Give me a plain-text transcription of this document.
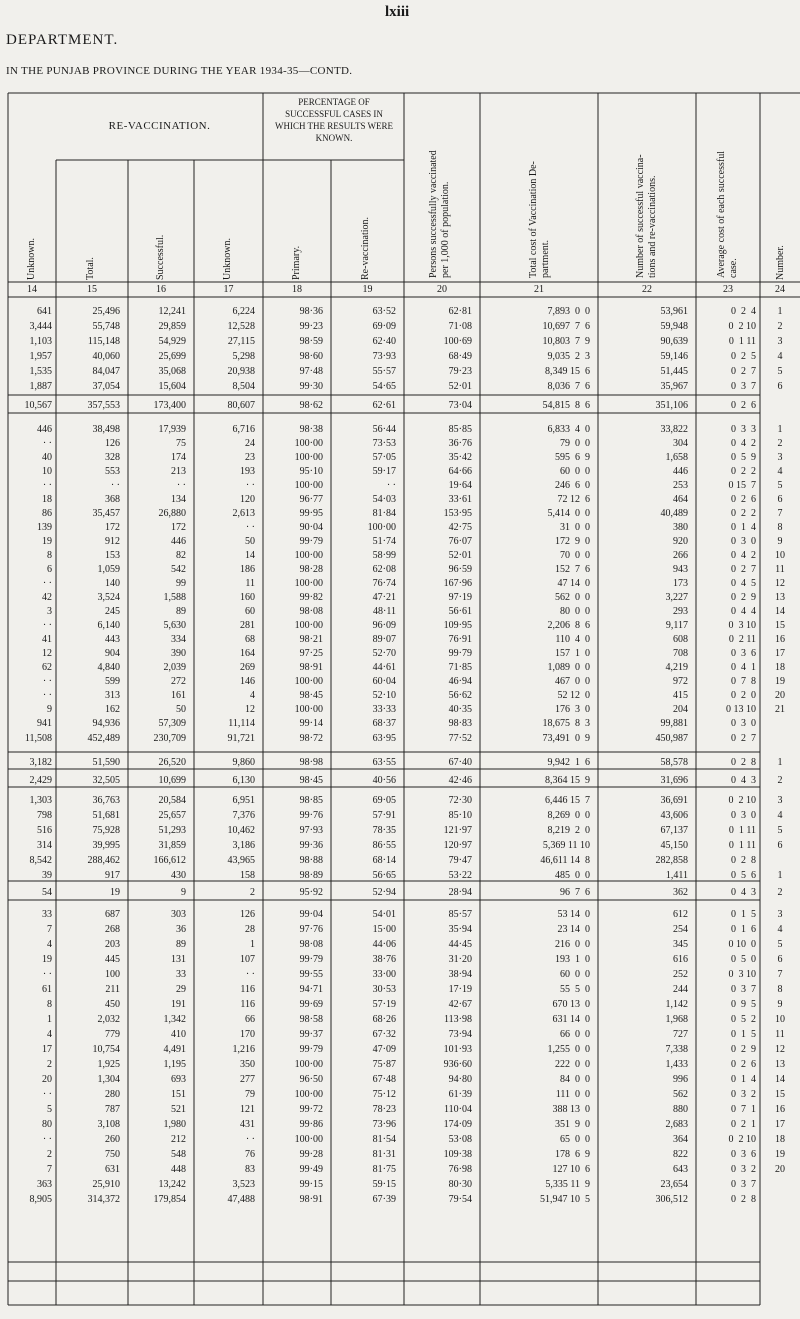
lxiii
DEPARTMENT.
IN THE PUNJAB PROVINCE DURING THE YEAR 1934-35—CONTD.
RE-VACCINATION.
PERCENTAGE OF SUCCESSFUL CASES IN WHICH THE RESULTS WERE KNOWN.
Unknown.	Total.	Successful.	Unknown.	Primary.	Re-vaccination.	Persons successfully vaccinated
per 1,000 of population.
Total cost of Vaccination De-
partment.	Number of successful vaccina-
tions and re-vaccinations.
Average cost of each successful
case.	Number.
14	15	16	17	18	19	20	21	22	23	24
641	25,496	12,241	6,224	98·36	63·52	62·81	7,893  0  0	53,961	0  2  4	1
3,444	55,748	29,859	12,528	99·23	69·09	71·08	10,697  7  6	59,948	0  2 10	2
1,103	115,148	54,929	27,115	98·59	62·40	100·69	10,803  7  9	90,639	0  1 11	3
1,957	40,060	25,699	5,298	98·60	73·93	68·49	9,035  2  3	59,146	0  2  5	4
1,535	84,047	35,068	20,938	97·48	55·57	79·23	8,349 15  6	51,445	0  2  7	5
1,887	37,054	15,604	8,504	99·30	54·65	52·01	8,036  7  6	35,967	0  3  7	6
10,567	357,553	173,400	80,607	98·62	62·61	73·04	54,815  8  6	351,106	0  2  6
446	38,498	17,939	6,716	98·38	56·44	85·85	6,833  4  0	33,822	0  3  3	1
· ·	126	75	24	100·00	73·53	36·76	79  0  0	304	0  4  2	2
40	328	174	23	100·00	57·05	35·42	595  6  9	1,658	0  5  9	3
10	553	213	193	95·10	59·17	64·66	60  0  0	446	0  2  2	4
· ·	· ·	· ·	· ·	100·00	· ·	19·64	246  6  0	253	0 15  7	5
18	368	134	120	96·77	54·03	33·61	72 12  6	464	0  2  6	6
86	35,457	26,880	2,613	99·95	81·84	153·95	5,414  0  0	40,489	0  2  2	7
139	172	172	· ·	90·04	100·00	42·75	31  0  0	380	0  1  4	8
19	912	446	50	99·79	51·74	76·07	172  9  0	920	0  3  0	9
8	153	82	14	100·00	58·99	52·01	70  0  0	266	0  4  2	10
6	1,059	542	186	98·28	62·08	96·59	152  7  6	943	0  2  7	11
· ·	140	99	11	100·00	76·74	167·96	47 14  0	173	0  4  5	12
42	3,524	1,588	160	99·82	47·21	97·19	562  0  0	3,227	0  2  9	13
3	245	89	60	98·08	48·11	56·61	80  0  0	293	0  4  4	14
· ·	6,140	5,630	281	100·00	96·09	109·95	2,206  8  6	9,117	0  3 10	15
41	443	334	68	98·21	89·07	76·91	110  4  0	608	0  2 11	16
12	904	390	164	97·25	52·70	99·79	157  1  0	708	0  3  6	17
62	4,840	2,039	269	98·91	44·61	71·85	1,089  0  0	4,219	0  4  1	18
· ·	599	272	146	100·00	60·04	46·94	467  0  0	972	0  7  8	19
· ·	313	161	4	98·45	52·10	56·62	52 12  0	415	0  2  0	20
9	162	50	12	100·00	33·33	40·35	176  3  0	204	0 13 10	21
941	94,936	57,309	11,114	99·14	68·37	98·83	18,675  8  3	99,881	0  3  0
11,508	452,489	230,709	91,721	98·72	63·95	77·52	73,491  0  9	450,987	0  2  7
3,182	51,590	26,520	9,860	98·98	63·55	67·40	9,942  1  6	58,578	0  2  8	1
2,429	32,505	10,699	6,130	98·45	40·56	42·46	8,364 15  9	31,696	0  4  3	2
1,303	36,763	20,584	6,951	98·85	69·05	72·30	6,446 15  7	36,691	0  2 10	3
798	51,681	25,657	7,376	99·76	57·91	85·10	8,269  0  0	43,606	0  3  0	4
516	75,928	51,293	10,462	97·93	78·35	121·97	8,219  2  0	67,137	0  1 11	5
314	39,995	31,859	3,186	99·36	86·55	120·97	5,369 11 10	45,150	0  1 11	6
8,542	288,462	166,612	43,965	98·88	68·14	79·47	46,611 14  8	282,858	0  2  8
39	917	430	158	98·89	56·65	53·22	485  0  0	1,411	0  5  6	1
54	19	9	2	95·92	52·94	28·94	96  7  6	362	0  4  3	2
33	687	303	126	99·04	54·01	85·57	53 14  0	612	0  1  5	3
7	268	36	28	97·76	15·00	35·94	23 14  0	254	0  1  6	4
4	203	89	1	98·08	44·06	44·45	216  0  0	345	0 10  0	5
19	445	131	107	99·79	38·76	31·20	193  1  0	616	0  5  0	6
· ·	100	33	· ·	99·55	33·00	38·94	60  0  0	252	0  3 10	7
61	211	29	116	94·71	30·53	17·19	55  5  0	244	0  3  7	8
8	450	191	116	99·69	57·19	42·67	670 13  0	1,142	0  9  5	9
1	2,032	1,342	66	98·58	68·26	113·98	631 14  0	1,968	0  5  2	10
4	779	410	170	99·37	67·32	73·94	66  0  0	727	0  1  5	11
17	10,754	4,491	1,216	99·79	47·09	101·93	1,255  0  0	7,338	0  2  9	12
2	1,925	1,195	350	100·00	75·87	936·60	222  0  0	1,433	0  2  6	13
20	1,304	693	277	96·50	67·48	94·80	84  0  0	996	0  1  4	14
· ·	280	151	79	100·00	75·12	61·39	111  0  0	562	0  3  2	15
5	787	521	121	99·72	78·23	110·04	388 13  0	880	0  7  1	16
80	3,108	1,980	431	99·86	73·96	174·09	351  9  0	2,683	0  2  1	17
· ·	260	212	· ·	100·00	81·54	53·08	65  0  0	364	0  2 10	18
2	750	548	76	99·28	81·31	109·38	178  6  9	822	0  3  6	19
7	631	448	83	99·49	81·75	76·98	127 10  6	643	0  3  2	20
363	25,910	13,242	3,523	99·15	59·15	80·30	5,335 11  9	23,654	0  3  7
8,905	314,372	179,854	47,488	98·91	67·39	79·54	51,947 10  5	306,512	0  2  8
